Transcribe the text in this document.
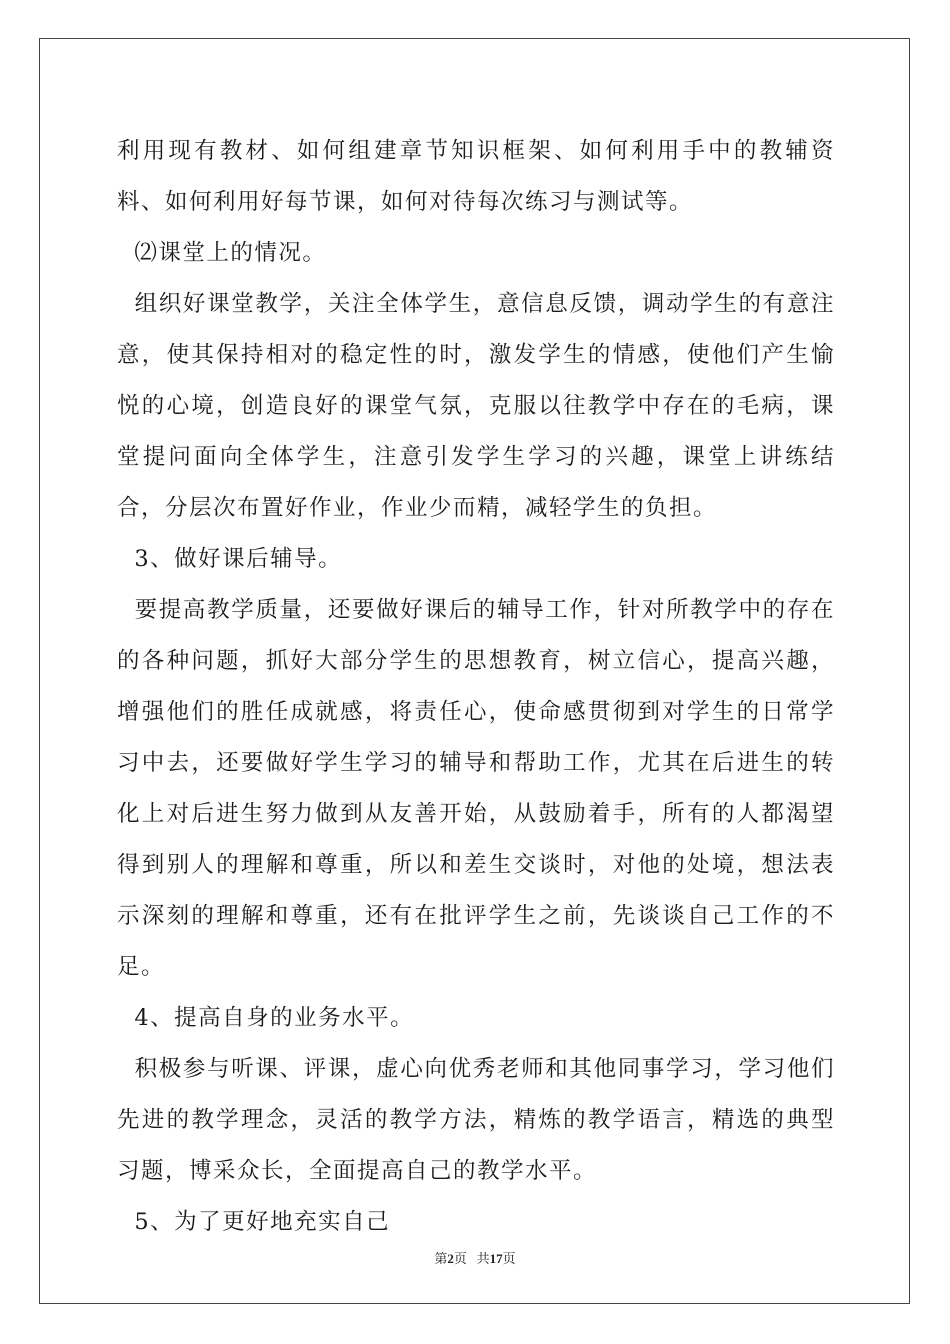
利用现有教材、如何组建章节知识框架、如何利用手中的教辅资料、如何利用好每节课，如何对待每次练习与测试等。

⑵课堂上的情况。

组织好课堂教学，关注全体学生，意信息反馈，调动学生的有意注意，使其保持相对的稳定性的时，激发学生的情感，使他们产生愉悦的心境，创造良好的课堂气氛，克服以往教学中存在的毛病，课堂提问面向全体学生，注意引发学生学习的兴趣，课堂上讲练结合，分层次布置好作业，作业少而精，减轻学生的负担。

3、做好课后辅导。

要提高教学质量，还要做好课后的辅导工作，针对所教学中的存在的各种问题，抓好大部分学生的思想教育，树立信心，提高兴趣，增强他们的胜任成就感，将责任心，使命感贯彻到对学生的日常学习中去，还要做好学生学习的辅导和帮助工作，尤其在后进生的转化上对后进生努力做到从友善开始，从鼓励着手，所有的人都渴望得到别人的理解和尊重，所以和差生交谈时，对他的处境，想法表示深刻的理解和尊重，还有在批评学生之前，先谈谈自己工作的不足。

4、提高自身的业务水平。

积极参与听课、评课，虚心向优秀老师和其他同事学习，学习他们先进的教学理念，灵活的教学方法，精炼的教学语言，精选的典型习题，博采众长，全面提高自己的教学水平。

5、为了更好地充实自己

第2页 共17页
